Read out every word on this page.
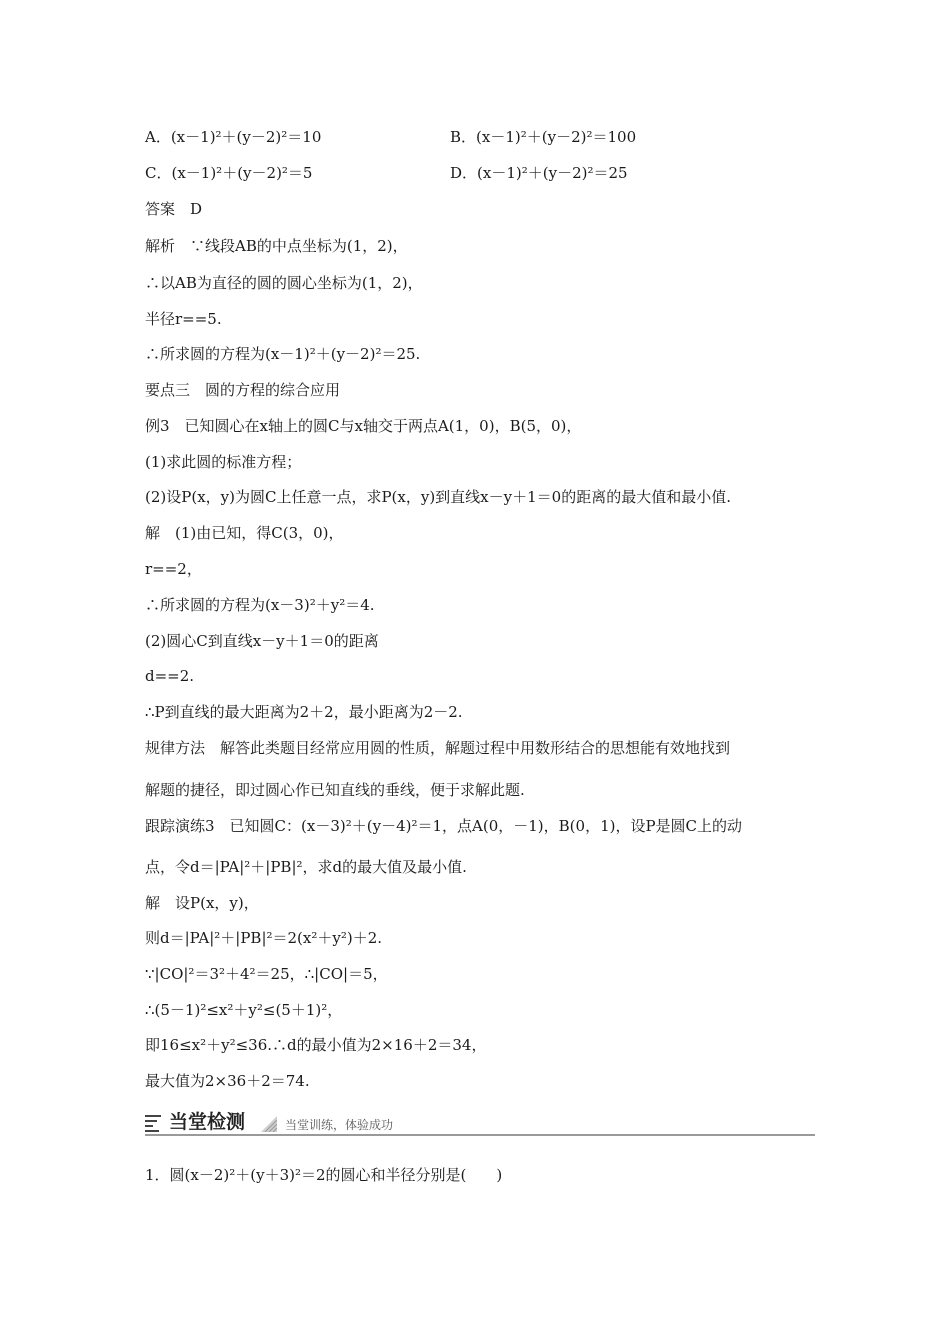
A．(x－1)²＋(y－2)²＝10	B．(x－1)²＋(y－2)²＝100
C．(x－1)²＋(y－2)²＝5	D．(x－1)²＋(y－2)²＝25
答案　D
解析　∵线段AB的中点坐标为(1，2)，
∴以AB为直径的圆的圆心坐标为(1，2)，
半径r==5.
∴所求圆的方程为(x－1)²＋(y－2)²＝25.
要点三　圆的方程的综合应用
例3　已知圆心在x轴上的圆C与x轴交于两点A(1，0)，B(5，0)，
(1)求此圆的标准方程；
(2)设P(x，y)为圆C上任意一点，求P(x，y)到直线x－y＋1＝0的距离的最大值和最小值.
解　(1)由已知，得C(3，0)，
r==2，
∴所求圆的方程为(x－3)²＋y²＝4.
(2)圆心C到直线x－y＋1＝0的距离
d==2.
∴P到直线的最大距离为2＋2，最小距离为2－2.
规律方法　解答此类题目经常应用圆的性质，解题过程中用数形结合的思想能有效地找到
解题的捷径，即过圆心作已知直线的垂线，便于求解此题.
跟踪演练3　已知圆C：(x－3)²＋(y－4)²＝1，点A(0，－1)，B(0，1)，设P是圆C上的动
点，令d＝|PA|²＋|PB|²，求d的最大值及最小值.
解　设P(x，y)，
则d＝|PA|²＋|PB|²＝2(x²＋y²)＋2.
∵|CO|²＝3²＋4²＝25，∴|CO|＝5，
∴(5－1)²≤x²＋y²≤(5＋1)²，
即16≤x²＋y²≤36.∴d的最小值为2×16＋2＝34，
最大值为2×36＋2＝74.
当堂检测	当堂训练，体验成功
1．圆(x－2)²＋(y＋3)²＝2的圆心和半径分别是(　　)
